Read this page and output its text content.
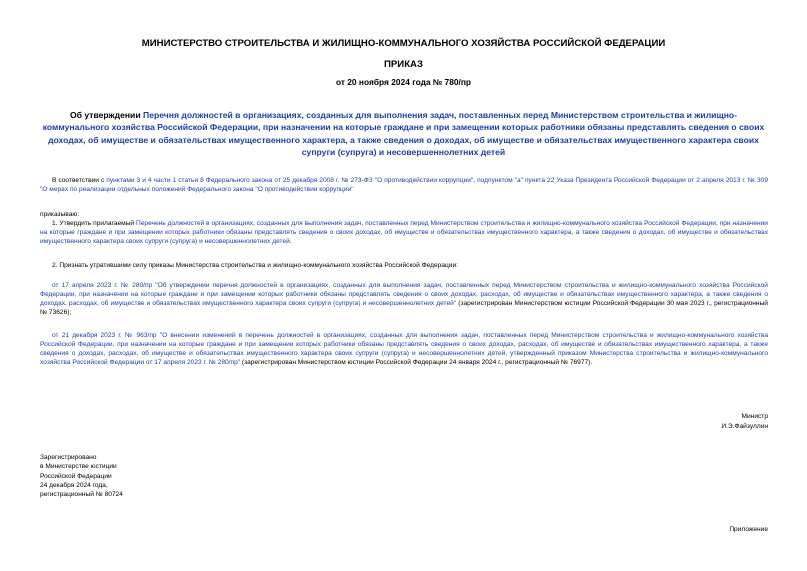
МИНИСТЕРСТВО СТРОИТЕЛЬСТВА И ЖИЛИЩНО-КОММУНАЛЬНОГО ХОЗЯЙСТВА РОССИЙСКОЙ ФЕДЕРАЦИИ
ПРИКАЗ
от 20 ноября 2024 года № 780/пр
Об утверждении Перечня должностей в организациях, созданных для выполнения задач, поставленных перед Министерством строительства и жилищно-коммунального хозяйства Российской Федерации, при назначении на которые граждане и при замещении которых работники обязаны представлять сведения о своих доходах, об имуществе и обязательствах имущественного характера, а также сведения о доходах, об имуществе и обязательствах имущественного характера своих супруги (супруга) и несовершеннолетних детей
В соответствии с пунктами 3 и 4 части 1 статьи 8 Федерального закона от 25 декабря 2008 г. № 273-ФЗ "О противодействии коррупции", подпунктом "а" пункта 22 Указа Президента Российской Федерации от 2 апреля 2013 г. № 309 "О мерах по реализации отдельных положений Федерального закона "О противодействии коррупции"
приказываю:
1. Утвердить прилагаемый Перечень должностей в организациях, созданных для выполнения задач, поставленных перед Министерством строительства и жилищно-коммунального хозяйства Российской Федерации, при назначении на которые граждане и при замещении которых работники обязаны представлять сведения о своих доходах, об имуществе и обязательствах имущественного характера, а также сведения о доходах, об имуществе и обязательствах имущественного характера своих супруги (супруга) и несовершеннолетних детей.
2. Признать утратившими силу приказы Министерства строительства и жилищно-коммунального хозяйства Российской Федерации:
от 17 апреля 2023 г. № 280/пр "Об утверждении перечня должностей в организациях, созданных для выполнения задач, поставленных перед Министерством строительства и жилищно-коммунального хозяйства Российской Федерации, при назначении на которые граждане и при замещении которых работники обязаны представлять сведения о своих доходах, расходах, об имуществе и обязательствах имущественного характера, а также сведения о доходах, расходах, об имуществе и обязательствах имущественного характера своих супруги (супруга) и несовершеннолетних детей" (зарегистрирован Министерством юстиции Российской Федерации 30 мая 2023 г., регистрационный № 73626);
от 21 декабря 2023 г. № 963/пр "О внесении изменений в перечень должностей в организациях, созданных для выполнения задач, поставленных перед Министерством строительства и жилищно-коммунального хозяйства Российской Федерации, при назначении на которые граждане и при замещении которых работники обязаны представлять сведения о своих доходах, расходах, об имуществе и обязательствах имущественного характера, а также сведения о доходах, расходах, об имуществе и обязательствах имущественного характера своих супруги (супруга) и несовершеннолетних детей, утвержденный приказом Министерства строительства и жилищно-коммунального хозяйства Российской Федерации от 17 апреля 2023 г. № 280/пр" (зарегистрирован Министерством юстиции Российской Федерации 24 января 2024 г., регистрационный № 76977).
Министр
И.Э.Файзуллин
Зарегистрировано
в Министерстве юстиции
Российской Федерации
24 декабря 2024 года,
регистрационный № 80724
Приложение
